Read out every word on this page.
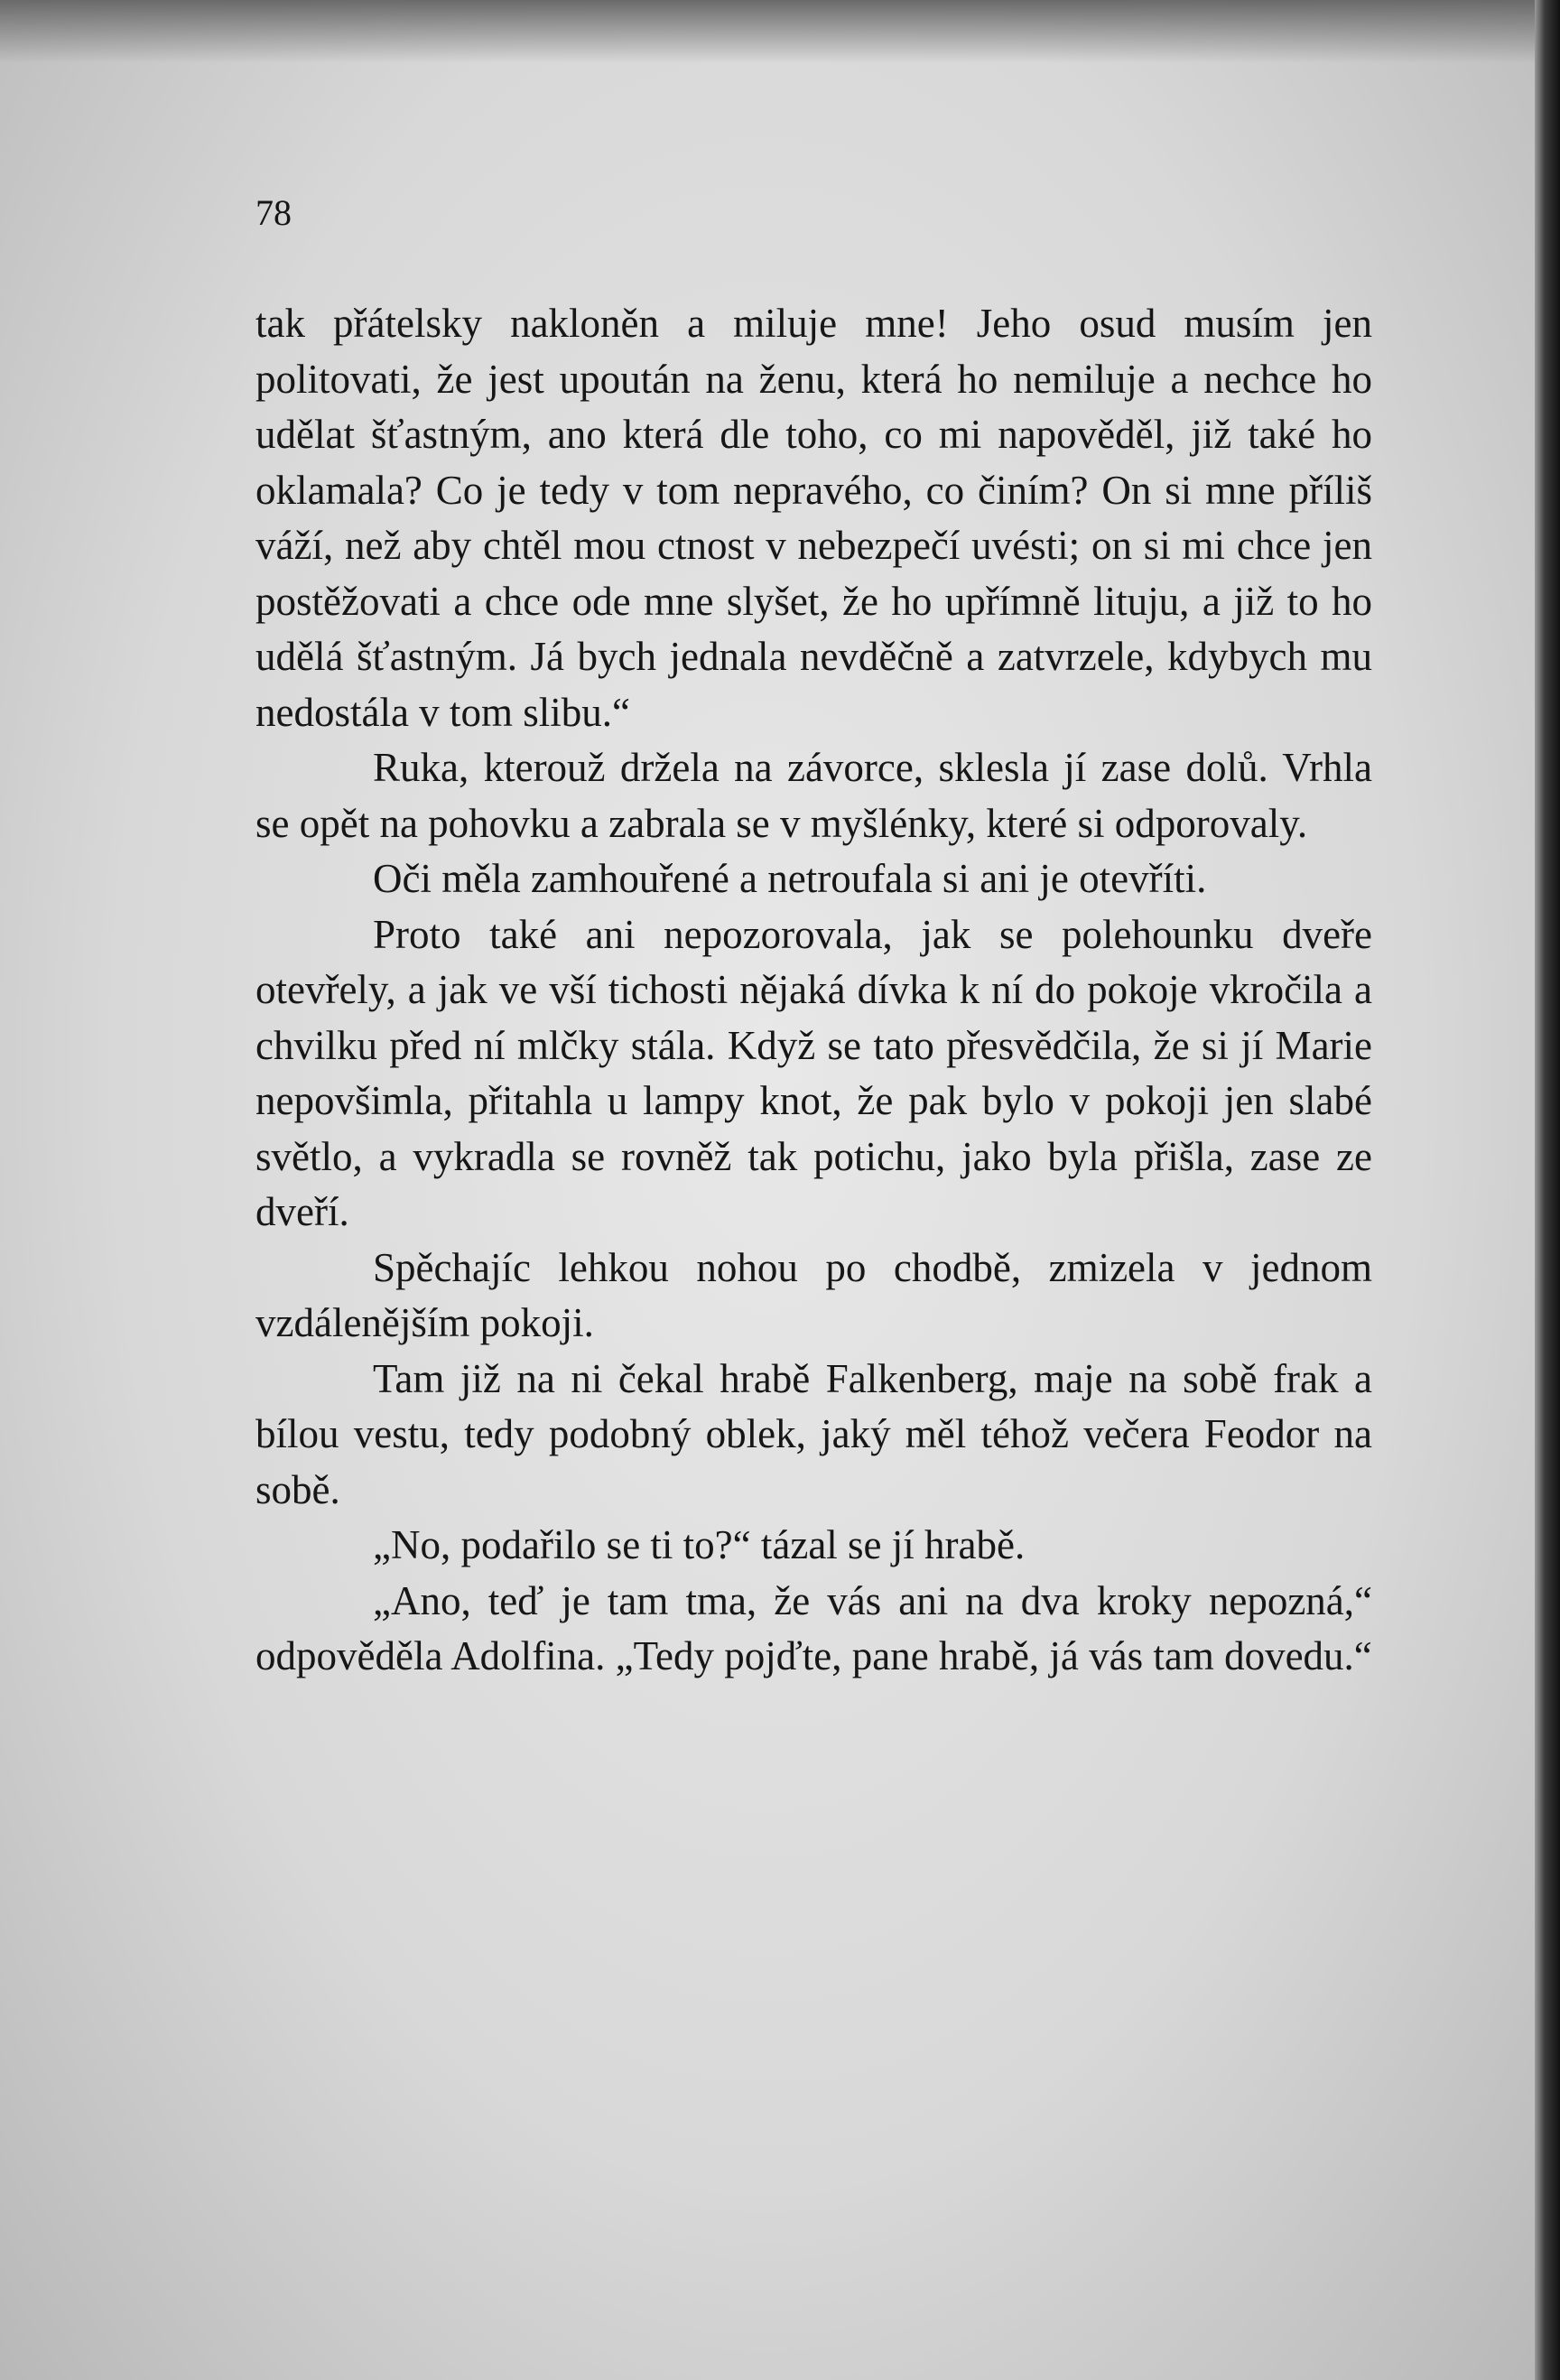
78

tak přátelsky nakloněn a miluje mne! Jeho osud musím jen politovati, že jest upoután na ženu, která ho nemiluje a nechce ho udělat šťastným, ano která dle toho, co mi napověděl, již také ho oklamala? Co je tedy v tom nepravého, co činím? On si mne příliš váží, než aby chtěl mou ctnost v nebezpečí uvésti; on si mi chce jen postěžovati a chce ode mne slyšet, že ho upřímně lituju, a již to ho udělá šťastným. Já bych jednala nevděčně a zatvrzele, kdybych mu nedostála v tom slibu.“

Ruka, kterouž držela na závorce, sklesla jí zase dolů. Vrhla se opět na pohovku a zabrala se v myšlénky, které si odporovaly.

Oči měla zamhouřené a netroufala si ani je otevříti.

Proto také ani nepozorovala, jak se polehounku dveře otevřely, a jak ve vší tichosti nějaká dívka k ní do pokoje vkročila a chvilku před ní mlčky stála. Když se tato přesvědčila, že si jí Marie nepovšimla, přitahla u lampy knot, že pak bylo v pokoji jen slabé světlo, a vykradla se rovněž tak potichu, jako byla přišla, zase ze dveří.

Spěchajíc lehkou nohou po chodbě, zmizela v jednom vzdálenějším pokoji.

Tam již na ni čekal hrabě Falkenberg, maje na sobě frak a bílou vestu, tedy podobný oblek, jaký měl téhož večera Feodor na sobě.

„No, podařilo se ti to?“ tázal se jí hrabě.

„Ano, teď je tam tma, že vás ani na dva kroky nepozná,“ odpověděla Adolfina. „Tedy pojďte, pane hrabě, já vás tam dovedu.“
